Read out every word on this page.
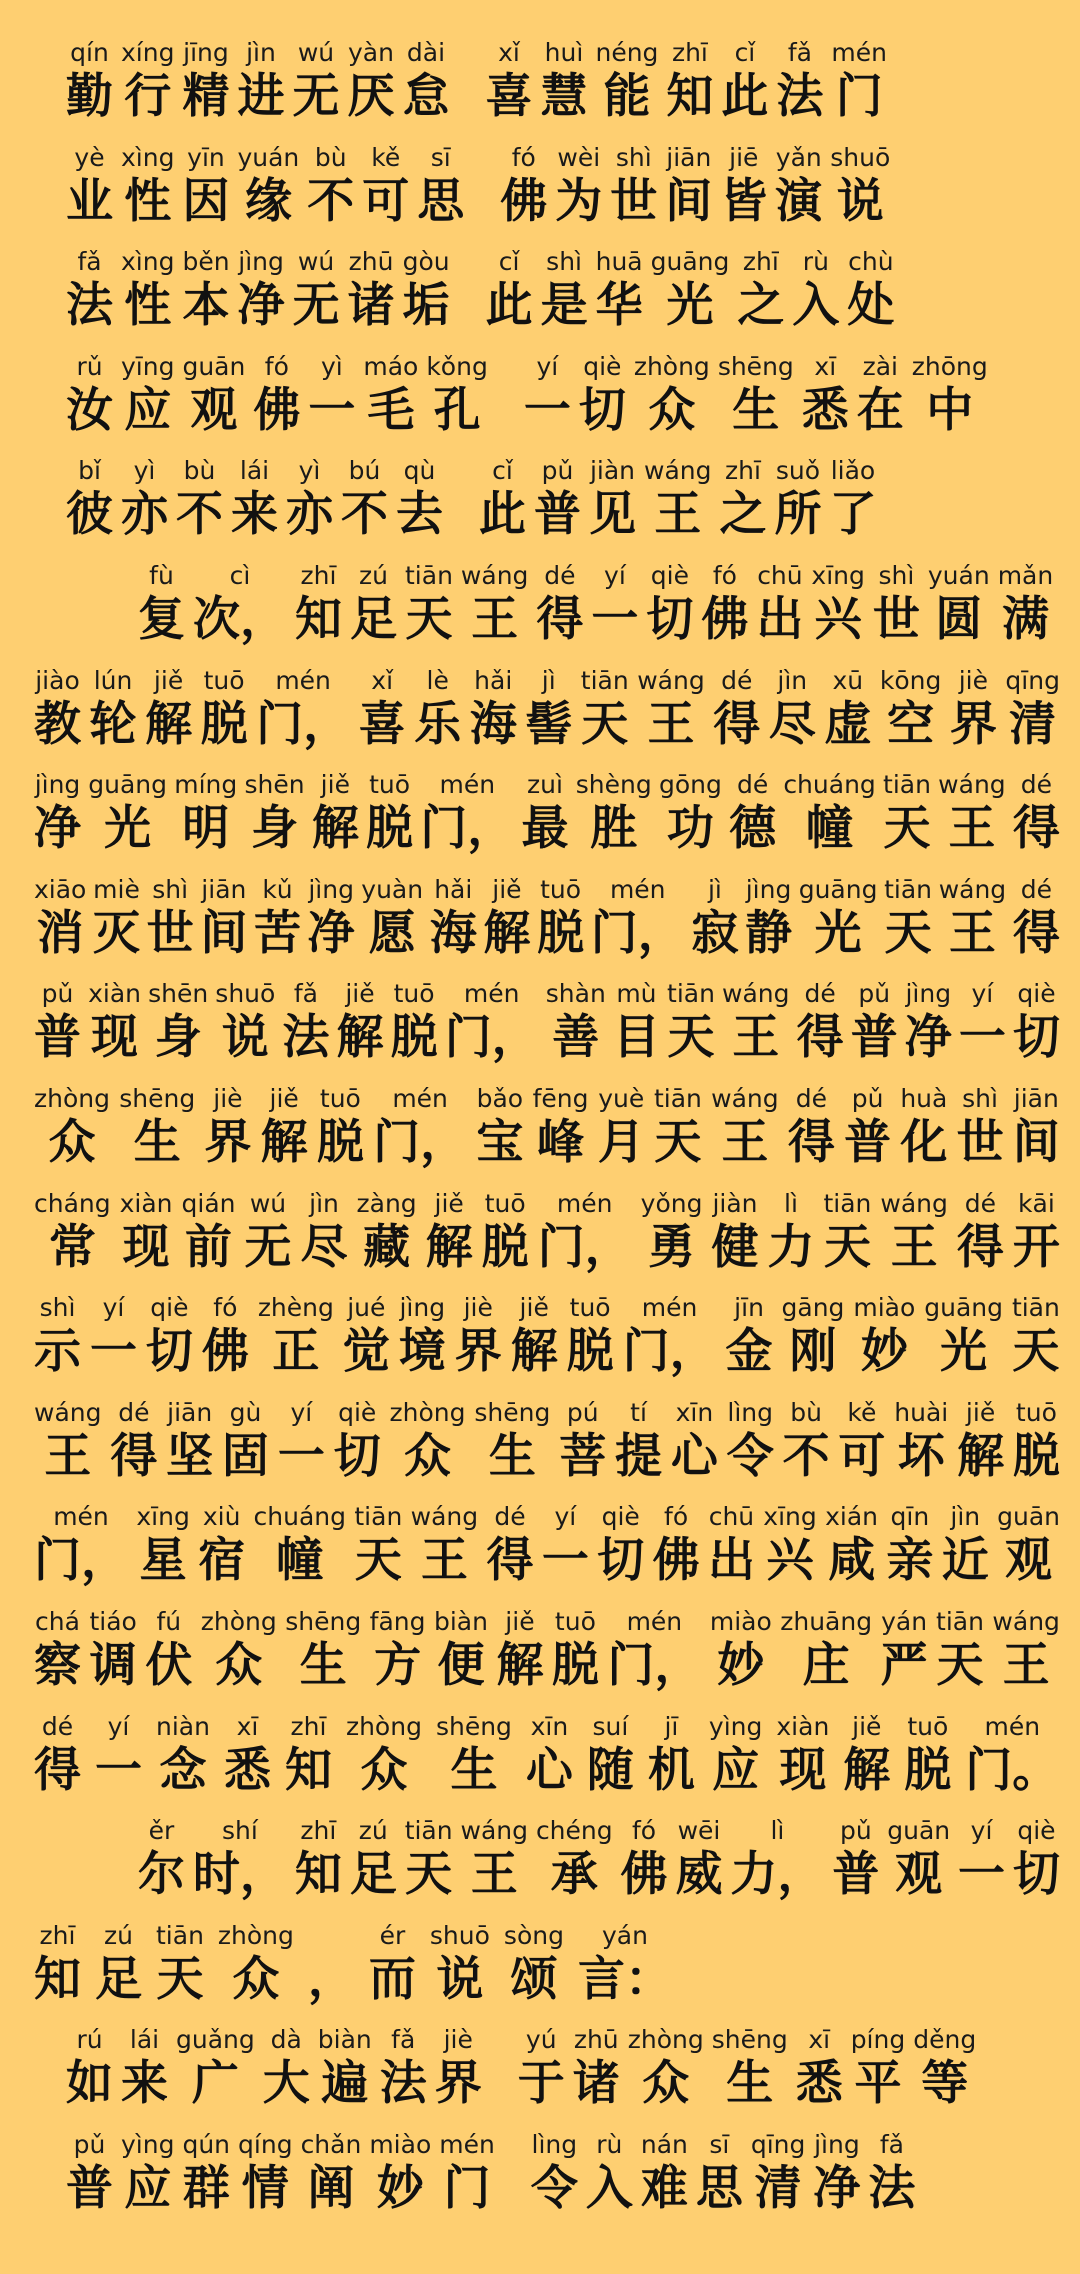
qín
勤
xíng
行
jīng
精
jìn
进
wú
无
yàn
厌
dài
怠
xǐ
喜
huì
慧
néng
能
zhī
知
cǐ
此
fǎ
法
mén
门
yè
业
xìng
性
yīn
因
yuán
缘
bù
不
kě
可
sī
思
fó
佛
wèi
为
shì
世
jiān
间
jiē
皆
yǎn
演
shuō
说
fǎ
法
xìng
性
běn
本
jìng
净
wú
无
zhū
诸
gòu
垢
cǐ
此
shì
是
huā
华
guāng
光
zhī
之
rù
入
chù
处
rǔ
汝
yīng
应
guān
观
fó
佛
yì
一
máo
毛
kǒng
孔
yí
一
qiè
切
zhòng
众
shēng
生
xī
悉
zài
在
zhōng
中
bǐ
彼
yì
亦
bù
不
lái
来
yì
亦
bú
不
qù
去
cǐ
此
pǔ
普
jiàn
见
wáng
王
zhī
之
suǒ
所
liǎo
了
fù
复
cì
次，
zhī
知
zú
足
tiān
天
wáng
王
dé
得
yí
一
qiè
切
fó
佛
chū
出
xīng
兴
shì
世
yuán
圆
mǎn
满
jiào
教
lún
轮
jiě
解
tuō
脱
mén
门，
xǐ
喜
lè
乐
hǎi
海
jì
髻
tiān
天
wáng
王
dé
得
jìn
尽
xū
虚
kōng
空
jiè
界
qīng
清
jìng
净
guāng
光
míng
明
shēn
身
jiě
解
tuō
脱
mén
门，
zuì
最
shèng
胜
gōng
功
dé
德
chuáng
幢
tiān
天
wáng
王
dé
得
xiāo
消
miè
灭
shì
世
jiān
间
kǔ
苦
jìng
净
yuàn
愿
hǎi
海
jiě
解
tuō
脱
mén
门，
jì
寂
jìng
静
guāng
光
tiān
天
wáng
王
dé
得
pǔ
普
xiàn
现
shēn
身
shuō
说
fǎ
法
jiě
解
tuō
脱
mén
门，
shàn
善
mù
目
tiān
天
wáng
王
dé
得
pǔ
普
jìng
净
yí
一
qiè
切
zhòng
众
shēng
生
jiè
界
jiě
解
tuō
脱
mén
门，
bǎo
宝
fēng
峰
yuè
月
tiān
天
wáng
王
dé
得
pǔ
普
huà
化
shì
世
jiān
间
cháng
常
xiàn
现
qián
前
wú
无
jìn
尽
zàng
藏
jiě
解
tuō
脱
mén
门，
yǒng
勇
jiàn
健
lì
力
tiān
天
wáng
王
dé
得
kāi
开
shì
示
yí
一
qiè
切
fó
佛
zhèng
正
jué
觉
jìng
境
jiè
界
jiě
解
tuō
脱
mén
门，
jīn
金
gāng
刚
miào
妙
guāng
光
tiān
天
wáng
王
dé
得
jiān
坚
gù
固
yí
一
qiè
切
zhòng
众
shēng
生
pú
菩
tí
提
xīn
心
lìng
令
bù
不
kě
可
huài
坏
jiě
解
tuō
脱
mén
门，
xīng
星
xiù
宿
chuáng
幢
tiān
天
wáng
王
dé
得
yí
一
qiè
切
fó
佛
chū
出
xīng
兴
xián
咸
qīn
亲
jìn
近
guān
观
chá
察
tiáo
调
fú
伏
zhòng
众
shēng
生
fāng
方
biàn
便
jiě
解
tuō
脱
mén
门，
miào
妙
zhuāng
庄
yán
严
tiān
天
wáng
王
dé
得
yí
一
niàn
念
xī
悉
zhī
知
zhòng
众
shēng
生
xīn
心
suí
随
jī
机
yìng
应
xiàn
现
jiě
解
tuō
脱
mén
门。
ěr
尔
shí
时，
zhī
知
zú
足
tiān
天
wáng
王
chéng
承
fó
佛
wēi
威
lì
力，
pǔ
普
guān
观
yí
一
qiè
切
zhī
知
zú
足
tiān
天
zhòng
众 ，
ér
而
shuō
说
sòng
颂
yán
言：
rú
如
lái
来
guǎng
广
dà
大
biàn
遍
fǎ
法
jiè
界
yú
于
zhū
诸
zhòng
众
shēng
生
xī
悉
píng
平
děng
等
pǔ
普
yìng
应
qún
群
qíng
情
chǎn
阐
miào
妙
mén
门
lìng
令
rù
入
nán
难
sī
思
qīng
清
jìng
净
fǎ
法
